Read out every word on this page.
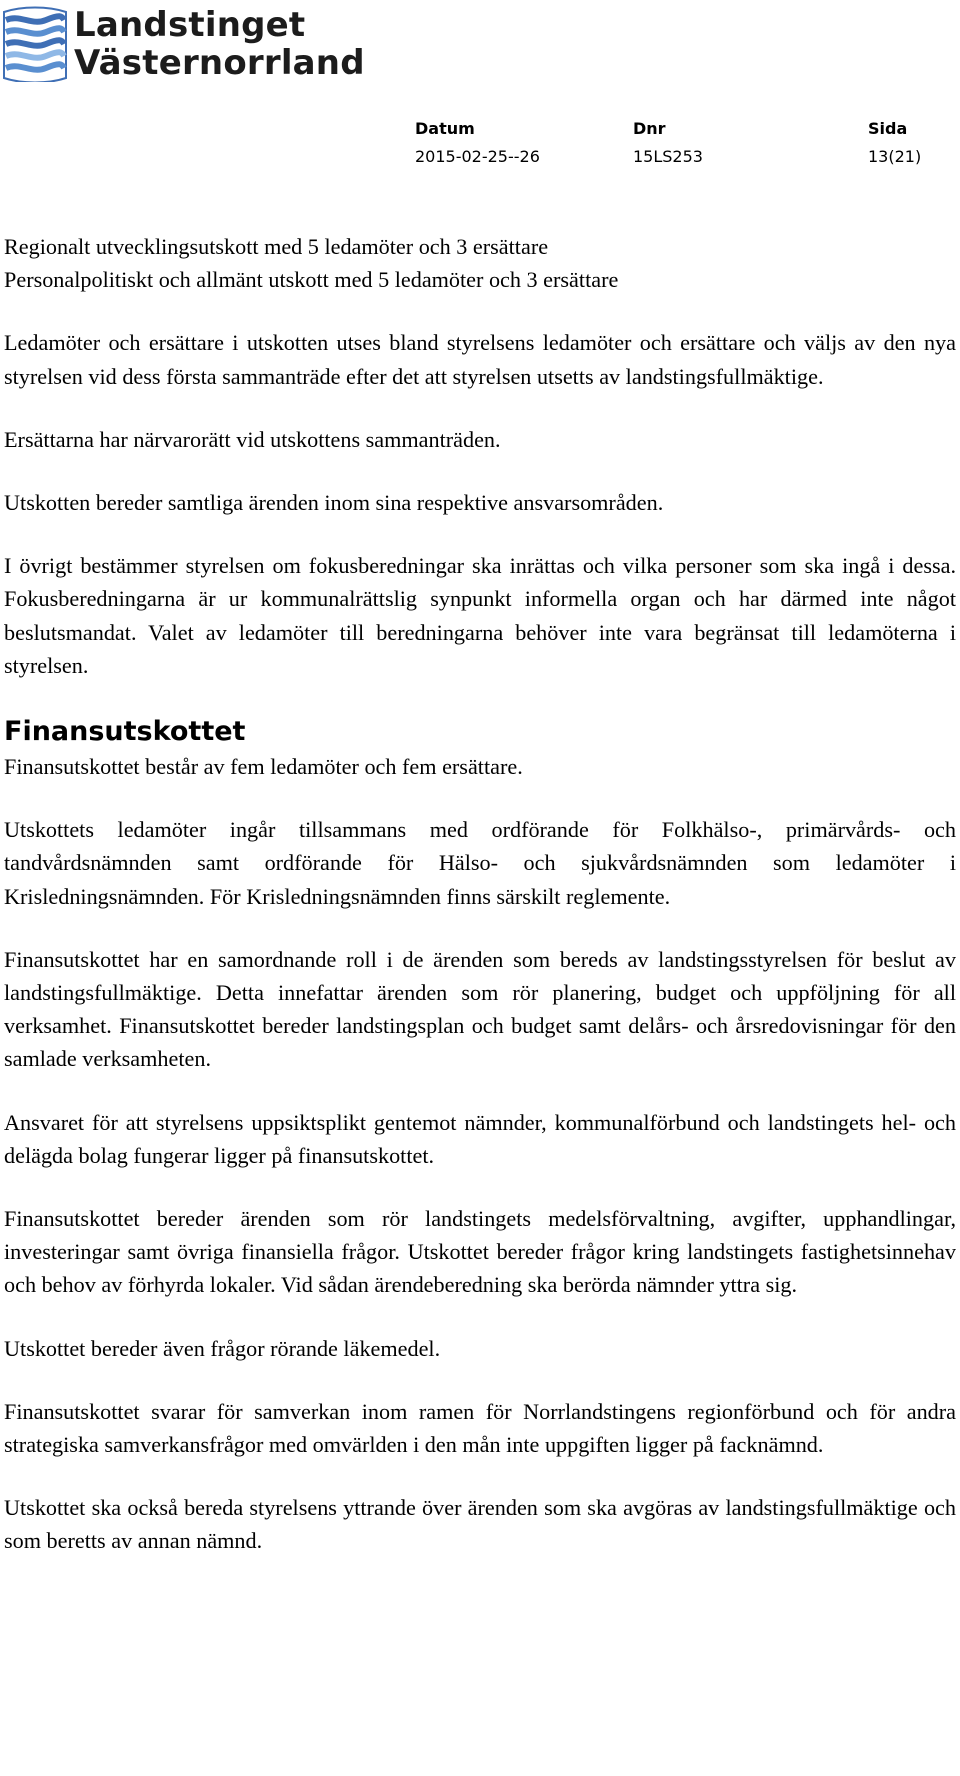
Landstinget
Västernorrland
Datum
2015-02-25--26
Dnr
15LS253
Sida
13(21)

Regionalt utvecklingsutskott med 5 ledamöter och 3 ersättare

Personalpolitiskt och allmänt utskott med 5 ledamöter och 3 ersättare

Ledamöter och ersättare i utskotten utses bland styrelsens ledamöter och ersättare och väljs av den nya styrelsen vid dess första sammanträde efter det att styrelsen utsetts av landstingsfullmäktige.

Ersättarna har närvarorätt vid utskottens sammanträden.

Utskotten bereder samtliga ärenden inom sina respektive ansvarsområden.

I övrigt bestämmer styrelsen om fokusberedningar ska inrättas och vilka personer som ska ingå i dessa. Fokusberedningarna är ur kommunalrättslig synpunkt informella organ och har därmed inte något beslutsmandat. Valet av ledamöter till beredningarna behöver inte vara begränsat till ledamöterna i styrelsen.

Finansutskottet

Finansutskottet består av fem ledamöter och fem ersättare.

Utskottets ledamöter ingår tillsammans med ordförande för Folkhälso-, primärvårds- och tandvårdsnämnden samt ordförande för Hälso- och sjukvårdsnämnden som ledamöter i Krisledningsnämnden. För Krisledningsnämnden finns särskilt reglemente.

Finansutskottet har en samordnande roll i de ärenden som bereds av landstingsstyrelsen för beslut av landstingsfullmäktige. Detta innefattar ärenden som rör planering, budget och uppföljning för all verksamhet. Finansutskottet bereder landstingsplan och budget samt delårs- och årsredovisningar för den samlade verksamheten.

Ansvaret för att styrelsens uppsiktsplikt gentemot nämnder, kommunalförbund och landstingets hel- och delägda bolag fungerar ligger på finansutskottet.

Finansutskottet bereder ärenden som rör landstingets medelsförvaltning, avgifter, upphandlingar, investeringar samt övriga finansiella frågor. Utskottet bereder frågor kring landstingets fastighetsinnehav och behov av förhyrda lokaler. Vid sådan ärendeberedning ska berörda nämnder yttra sig.

Utskottet bereder även frågor rörande läkemedel.

Finansutskottet svarar för samverkan inom ramen för Norrlandstingens regionförbund och för andra strategiska samverkansfrågor med omvärlden i den mån inte uppgiften ligger på facknämnd.

Utskottet ska också bereda styrelsens yttrande över ärenden som ska avgöras av landstingsfullmäktige och som beretts av annan nämnd.
